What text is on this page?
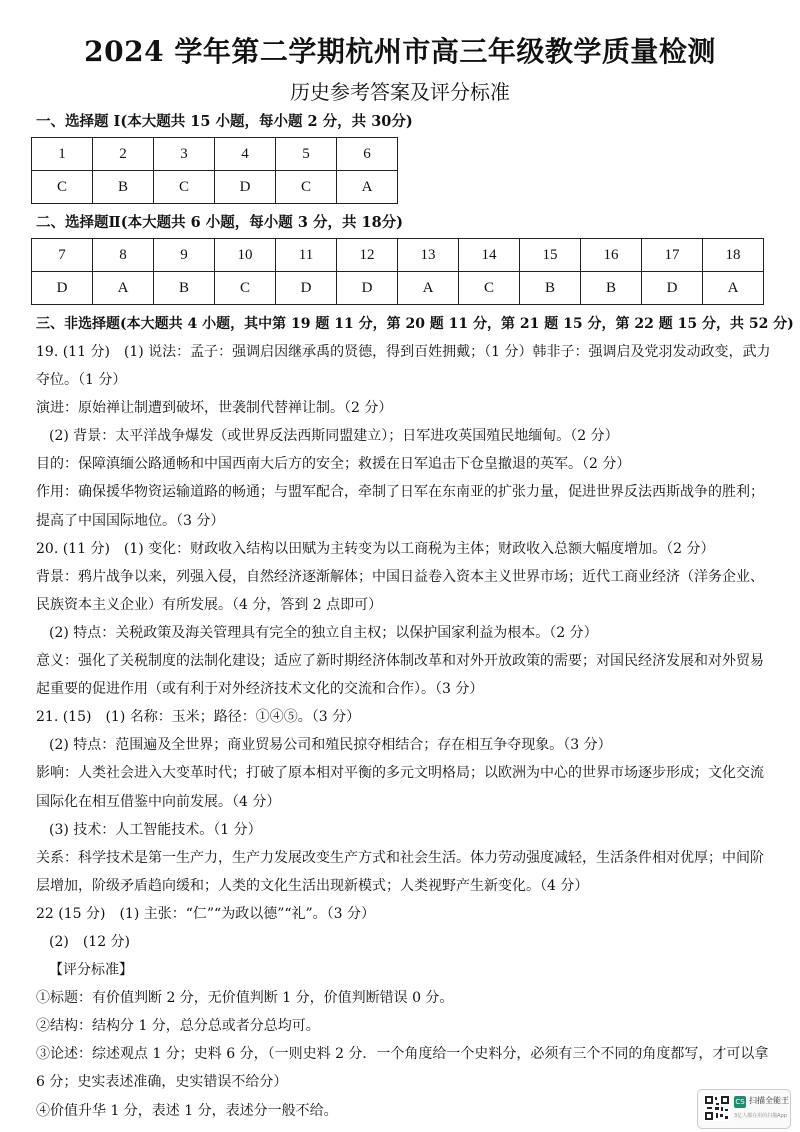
2024 学年第二学期杭州市高三年级教学质量检测
历史参考答案及评分标准
一、选择题 I(本大题共 15 小题，每小题 2 分，共 30分)
1	2	3	4	5	6
C	B	C	D	C	A
二、选择题Ⅱ(本大题共 6 小题，每小题 3 分，共 18分)
7	8	9	10	11	12	13	14	15	16	17	18
D	A	B	C	D	D	A	C	B	B	D	A
三、非选择题(本大题共 4 小题，其中第 19 题 11 分，第 20 题 11 分，第 21 题 15 分，第 22 题 15 分，共 52 分)

19. (11 分)　(1) 说法：孟子：强调启因继承禹的贤德，得到百姓拥戴；（1 分）韩非子：强调启及党羽发动政变，武力夺位。（1 分）

演进：原始禅让制遭到破坏，世袭制代替禅让制。（2 分）

(2) 背景：太平洋战争爆发（或世界反法西斯同盟建立）；日军进攻英国殖民地缅甸。（2 分）

目的：保障滇缅公路通畅和中国西南大后方的安全；救援在日军追击下仓皇撤退的英军。（2 分）

作用：确保援华物资运输道路的畅通；与盟军配合，牵制了日军在东南亚的扩张力量，促进世界反法西斯战争的胜利；提高了中国国际地位。（3 分）

20. (11 分)　(1) 变化：财政收入结构以田赋为主转变为以工商税为主体；财政收入总额大幅度增加。（2 分）

背景：鸦片战争以来，列强入侵，自然经济逐渐解体；中国日益卷入资本主义世界市场；近代工商业经济（洋务企业、民族资本主义企业）有所发展。（4 分，答到 2 点即可）

(2) 特点：关税政策及海关管理具有完全的独立自主权；以保护国家利益为根本。（2 分）

意义：强化了关税制度的法制化建设；适应了新时期经济体制改革和对外开放政策的需要；对国民经济发展和对外贸易起重要的促进作用（或有利于对外经济技术文化的交流和合作）。（3 分）

21. (15)　(1) 名称：玉米；路径：①④⑤。（3 分）

(2) 特点：范围遍及全世界；商业贸易公司和殖民掠夺相结合；存在相互争夺现象。（3 分）

影响：人类社会进入大变革时代；打破了原本相对平衡的多元文明格局；以欧洲为中心的世界市场逐步形成；文化交流国际化在相互借鉴中向前发展。（4 分）

(3) 技术：人工智能技术。（1 分）

关系：科学技术是第一生产力，生产力发展改变生产方式和社会生活。体力劳动强度减轻，生活条件相对优厚；中间阶层增加，阶级矛盾趋向缓和；人类的文化生活出现新模式；人类视野产生新变化。（4 分）

22 (15 分)　(1) 主张：“仁”“为政以德”“礼”。（3 分）

(2)　(12 分)

【评分标准】

①标题：有价值判断 2 分，无价值判断 1 分，价值判断错误 0 分。

②结构：结构分 1 分，总分总或者分总均可。

③论述：综述观点 1 分；史料 6 分，（一则史料 2 分．一个角度给一个史料分，必须有三个不同的角度都写，才可以拿 6 分；史实表述准确，史实错误不给分）

④价值升华 1 分，表述 1 分，表述分一般不给。

CS 扫描全能王
3亿人都在用的扫描App
